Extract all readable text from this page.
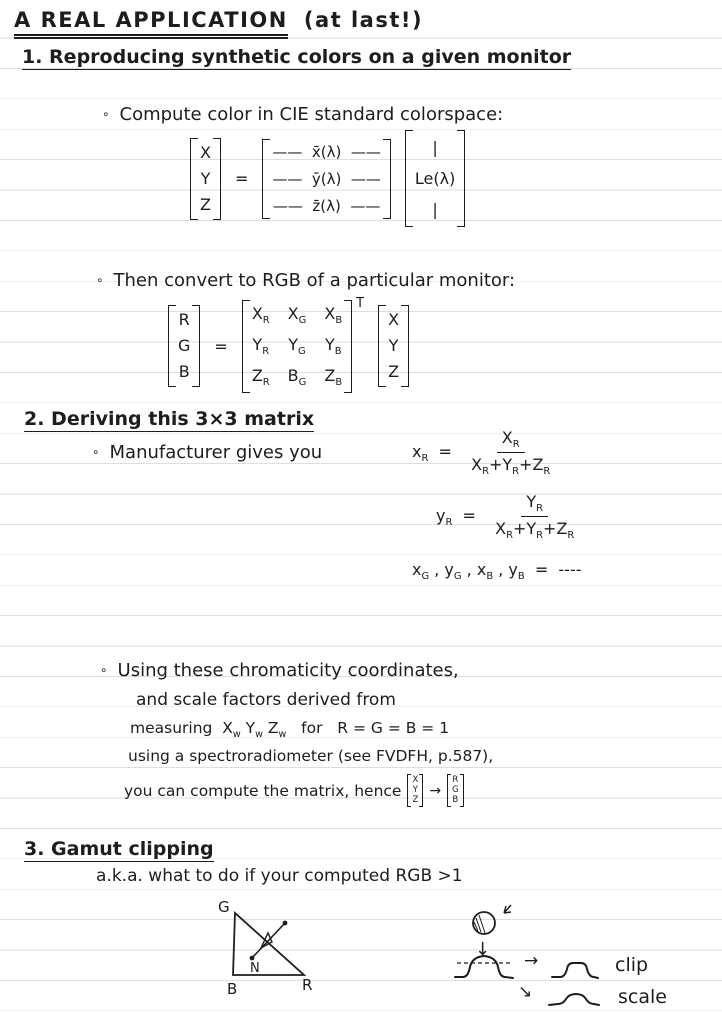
A REAL APPLICATION (at last!)
1. Reproducing synthetic colors on a given monitor
∘ Compute color in CIE standard colorspace:
X
Y
Z
=
——  x̄(λ)  ——
——  ȳ(λ)  ——
——  z̄(λ)  ——
|
Le(λ)
|
∘ Then convert to RGB of a particular monitor:
R
G
B
=
$X_R$ $X_G$ $X_B$
$Y_R$ $Y_G$ $Y_B$
$Z_R$ $B_G$ $Z_B$
T
X
Y
Z
2. Deriving this 3×3 matrix
∘ Manufacturer gives you	$x_R = \frac{X_R}{X_R+Y_R+Z_R}$
$y_R = \frac{Y_R}{X_R+Y_R+Z_R}$
$x_G$ , $y_G$ , $x_B$ , $y_B$  =  ----
∘ Using these chromaticity coordinates,
and scale factors derived from
measuring  $X_w$ $Y_w$ $Z_w$   for   R = G = B = 1
using a spectroradiometer (see FVDFH, p.587),
you can compute the matrix, hence
X
Y
Z
→
R
G
B
3. Gamut clipping
a.k.a. what to do if your computed RGB >1
G
B	R
N
↓
→	clip
↘	scale
